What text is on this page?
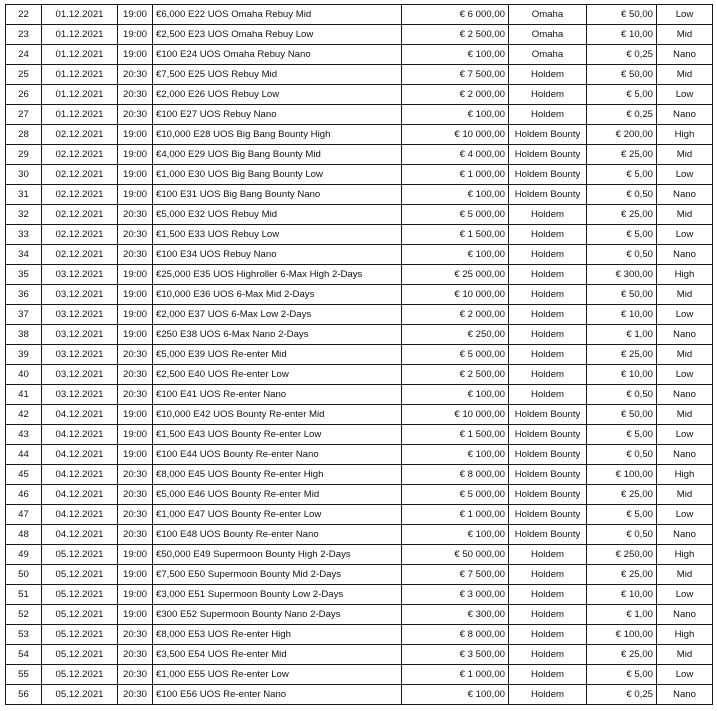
22	01.12.2021	19:00	€6,000 E22 UOS Omaha Rebuy Mid	€ 6 000,00	Omaha	€ 50,00	Low
23	01.12.2021	19:00	€2,500 E23 UOS Omaha Rebuy Low	€ 2 500,00	Omaha	€ 10,00	Mid
24	01.12.2021	19:00	€100 E24 UOS Omaha Rebuy Nano	€ 100,00	Omaha	€ 0,25	Nano
25	01.12.2021	20:30	€7,500 E25 UOS Rebuy Mid	€ 7 500,00	Holdem	€ 50,00	Mid
26	01.12.2021	20:30	€2,000 E26 UOS Rebuy Low	€ 2 000,00	Holdem	€ 5,00	Low
27	01.12.2021	20:30	€100 E27 UOS Rebuy Nano	€ 100,00	Holdem	€ 0,25	Nano
28	02.12.2021	19:00	€10,000 E28 UOS Big Bang Bounty High	€ 10 000,00	Holdem Bounty	€ 200,00	High
29	02.12.2021	19:00	€4,000 E29 UOS Big Bang Bounty Mid	€ 4 000,00	Holdem Bounty	€ 25,00	Mid
30	02.12.2021	19:00	€1,000 E30 UOS Big Bang Bounty Low	€ 1 000,00	Holdem Bounty	€ 5,00	Low
31	02.12.2021	19:00	€100 E31 UOS Big Bang Bounty Nano	€ 100,00	Holdem Bounty	€ 0,50	Nano
32	02.12.2021	20:30	€5,000 E32 UOS Rebuy Mid	€ 5 000,00	Holdem	€ 25,00	Mid
33	02.12.2021	20:30	€1,500 E33 UOS Rebuy Low	€ 1 500,00	Holdem	€ 5,00	Low
34	02.12.2021	20:30	€100 E34 UOS Rebuy Nano	€ 100,00	Holdem	€ 0,50	Nano
35	03.12.2021	19:00	€25,000 E35 UOS Highroller 6-Max High 2-Days	€ 25 000,00	Holdem	€ 300,00	High
36	03.12.2021	19:00	€10,000 E36 UOS 6-Max Mid 2-Days	€ 10 000,00	Holdem	€ 50,00	Mid
37	03.12.2021	19:00	€2,000 E37 UOS 6-Max Low 2-Days	€ 2 000,00	Holdem	€ 10,00	Low
38	03.12.2021	19:00	€250 E38 UOS 6-Max Nano 2-Days	€ 250,00	Holdem	€ 1,00	Nano
39	03.12.2021	20:30	€5,000 E39 UOS Re-enter Mid	€ 5 000,00	Holdem	€ 25,00	Mid
40	03.12.2021	20:30	€2,500 E40 UOS Re-enter Low	€ 2 500,00	Holdem	€ 10,00	Low
41	03.12.2021	20:30	€100 E41 UOS Re-enter Nano	€ 100,00	Holdem	€ 0,50	Nano
42	04.12.2021	19:00	€10,000 E42 UOS Bounty Re-enter Mid	€ 10 000,00	Holdem Bounty	€ 50,00	Mid
43	04.12.2021	19:00	€1,500 E43 UOS Bounty Re-enter Low	€ 1 500,00	Holdem Bounty	€ 5,00	Low
44	04.12.2021	19:00	€100 E44 UOS Bounty Re-enter Nano	€ 100,00	Holdem Bounty	€ 0,50	Nano
45	04.12.2021	20:30	€8,000 E45 UOS Bounty Re-enter High	€ 8 000,00	Holdem Bounty	€ 100,00	High
46	04.12.2021	20:30	€5,000 E46 UOS Bounty Re-enter Mid	€ 5 000,00	Holdem Bounty	€ 25,00	Mid
47	04.12.2021	20:30	€1,000 E47 UOS Bounty Re-enter Low	€ 1 000,00	Holdem Bounty	€ 5,00	Low
48	04.12.2021	20:30	€100 E48 UOS Bounty Re-enter Nano	€ 100,00	Holdem Bounty	€ 0,50	Nano
49	05.12.2021	19:00	€50,000 E49 Supermoon Bounty High 2-Days	€ 50 000,00	Holdem	€ 250,00	High
50	05.12.2021	19:00	€7,500 E50 Supermoon Bounty Mid 2-Days	€ 7 500,00	Holdem	€ 25,00	Mid
51	05.12.2021	19:00	€3,000 E51 Supermoon Bounty Low 2-Days	€ 3 000,00	Holdem	€ 10,00	Low
52	05.12.2021	19:00	€300 E52 Supermoon Bounty Nano 2-Days	€ 300,00	Holdem	€ 1,00	Nano
53	05.12.2021	20:30	€8,000 E53 UOS Re-enter High	€ 8 000,00	Holdem	€ 100,00	High
54	05.12.2021	20:30	€3,500 E54 UOS Re-enter Mid	€ 3 500,00	Holdem	€ 25,00	Mid
55	05.12.2021	20:30	€1,000 E55 UOS Re-enter Low	€ 1 000,00	Holdem	€ 5,00	Low
56	05.12.2021	20:30	€100 E56 UOS Re-enter Nano	€ 100,00	Holdem	€ 0,25	Nano
